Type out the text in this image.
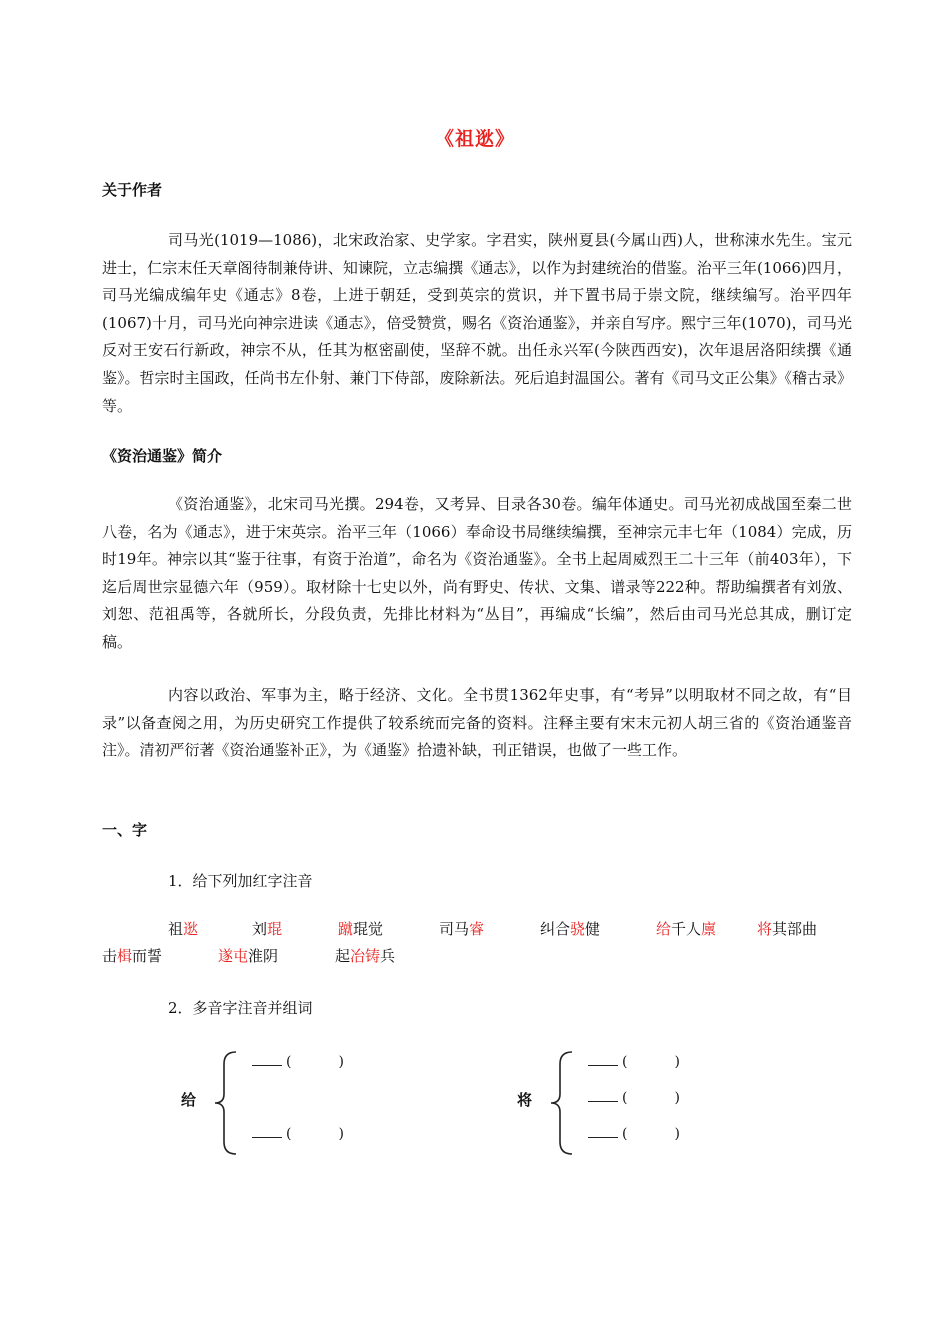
《祖逖》
关于作者

司马光(1019—1086)，北宋政治家、史学家。字君实，陕州夏县(今属山西)人，世称涑水先生。宝元进士，仁宗末任天章阁待制兼侍讲、知谏院，立志编撰《通志》，以作为封建统治的借鉴。治平三年(1066)四月，司马光编成编年史《通志》8卷，上进于朝廷，受到英宗的赏识，并下置书局于崇文院，继续编写。治平四年(1067)十月，司马光向神宗进读《通志》，倍受赞赏，赐名《资治通鉴》，并亲自写序。熙宁三年(1070)，司马光反对王安石行新政，神宗不从，任其为枢密副使，坚辞不就。出任永兴军(今陕西西安)，次年退居洛阳续撰《通鉴》。哲宗时主国政，任尚书左仆射、兼门下侍部，废除新法。死后追封温国公。著有《司马文正公集》《稽古录》等。

《资治通鉴》简介

《资治通鉴》，北宋司马光撰。294卷，又考异、目录各30卷。编年体通史。司马光初成战国至秦二世八卷，名为《通志》，进于宋英宗。治平三年（1066）奉命设书局继续编撰，至神宗元丰七年（1084）完成，历时19年。神宗以其“鉴于往事，有资于治道”，命名为《资治通鉴》。全书上起周威烈王二十三年（前403年），下迄后周世宗显德六年（959）。取材除十七史以外，尚有野史、传状、文集、谱录等222种。帮助编撰者有刘攽、刘恕、范祖禹等，各就所长，分段负责，先排比材料为“丛目”，再编成“长编”，然后由司马光总其成，删订定稿。

内容以政治、军事为主，略于经济、文化。全书贯1362年史事，有“考异”以明取材不同之故，有“目录”以备查阅之用，为历史研究工作提供了较系统而完备的资料。注释主要有宋末元初人胡三省的《资治通鉴音注》。清初严衍著《资治通鉴补正》，为《通鉴》拾遗补缺，刊正错误，也做了一些工作。

一、字
1．给下列加红字注音
祖逖	刘琨	蹴琨觉	司马睿	纠合骁健	给千人廪	将其部曲
击楫而誓	遂屯淮阴	起冶铸兵
2．多音字注音并组词
给
(	)
(	)
将
(	)
(	)
(	)
